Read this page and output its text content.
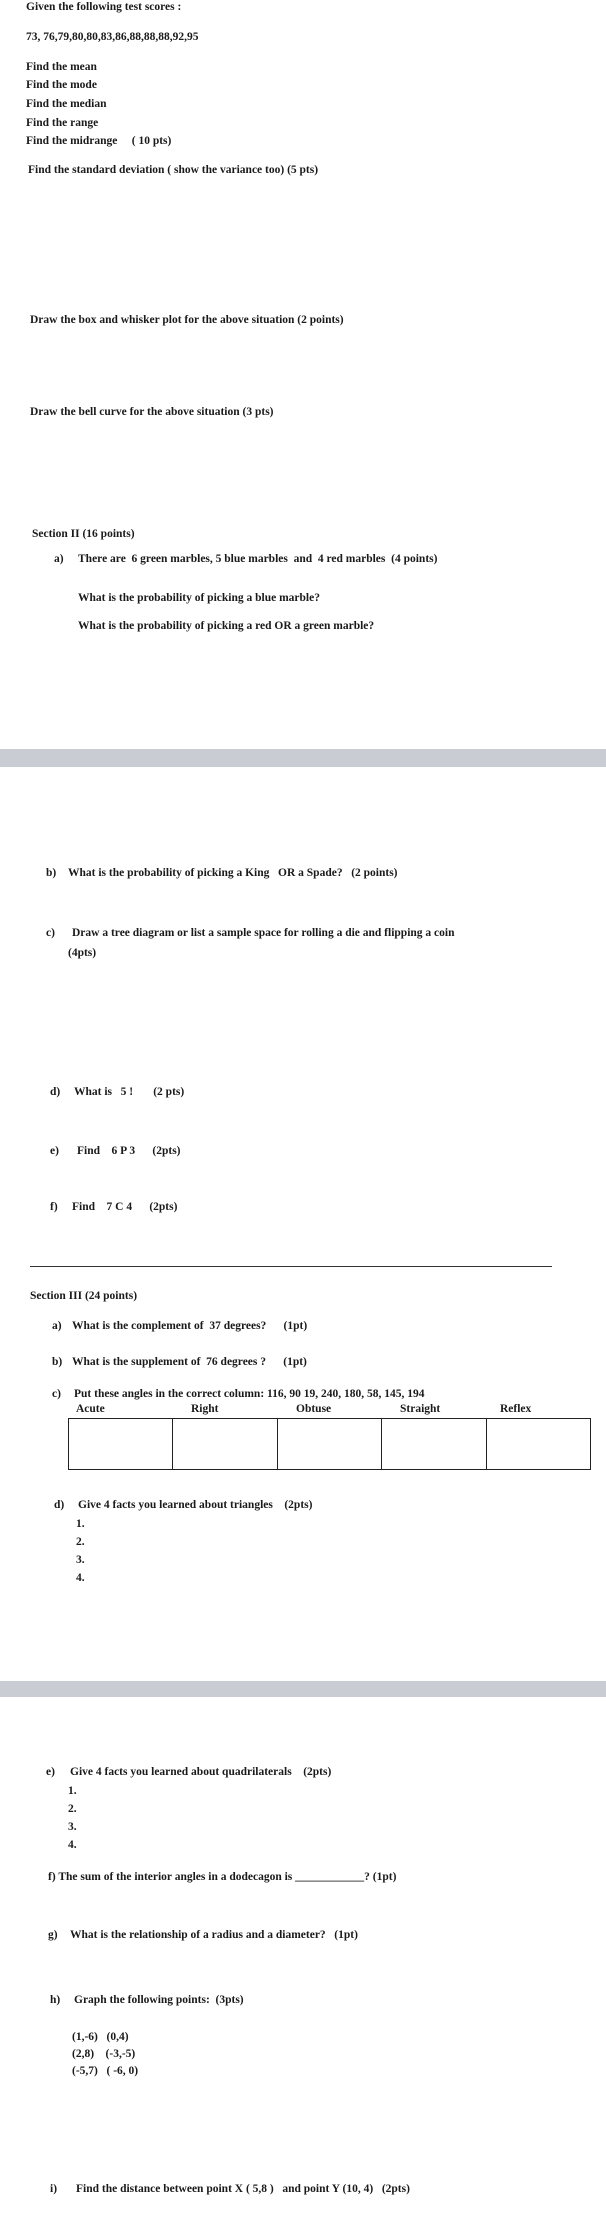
Given the following test scores :
73, 76,79,80,80,83,86,88,88,88,92,95
Find the mean
Find the mode
Find the median
Find the range
Find the midrange     ( 10 pts)
Find the standard deviation ( show the variance too) (5 pts)
Draw the box and whisker plot for the above situation (2 points)
Draw the bell curve for the above situation (3 pts)
Section II (16 points)
a) There are  6 green marbles, 5 blue marbles  and  4 red marbles  (4 points)
What is the probability of picking a blue marble?
What is the probability of picking a red OR a green marble?
b) What is the probability of picking a King   OR a Spade?   (2 points)
c) Draw a tree diagram or list a sample space for rolling a die and flipping a coin
(4pts)
d) What is   5 !       (2 pts)
e) Find    6 P 3      (2pts)
f) Find    7 C 4      (2pts)
Section III (24 points)
a) What is the complement of  37 degrees?      (1pt)
b) What is the supplement of  76 degrees ?      (1pt)
c) Put these angles in the correct column: 116, 90 19, 240, 180, 58, 145, 194
Acute	Right	Obtuse	Straight	Reflex
d) Give 4 facts you learned about triangles    (2pts)
1.
2.
3.
4.
e) Give 4 facts you learned about quadrilaterals    (2pts)
1.
2.
3.
4.
f) The sum of the interior angles in a dodecagon is ____________? (1pt)
g) What is the relationship of a radius and a diameter?   (1pt)
h) Graph the following points:  (3pts)
(1,-6)   (0,4)
(2,8)    (-3,-5)
(-5,7)   ( -6, 0)
i) Find the distance between point X ( 5,8 )   and point Y (10, 4)   (2pts)
